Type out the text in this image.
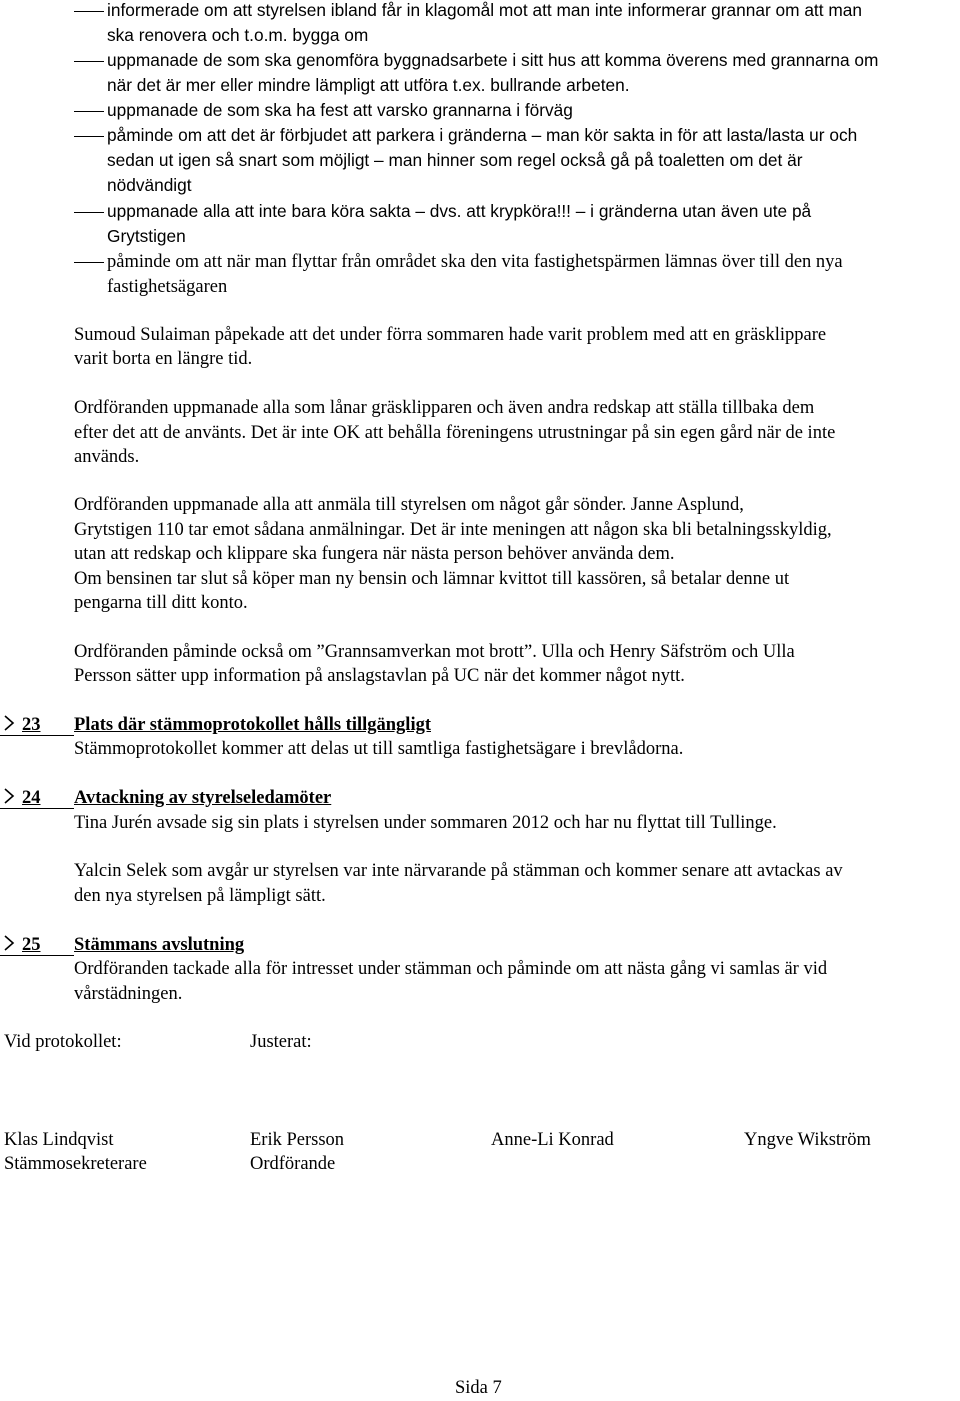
informerade om att styrelsen ibland får in klagomål mot att man inte informerar grannar om att man
ska renovera och t.o.m. bygga om
uppmanade de som ska genomföra byggnadsarbete i sitt hus att komma överens med grannarna om
när det är mer eller mindre lämpligt att utföra t.ex. bullrande arbeten.
uppmanade de som ska ha fest att varsko grannarna i förväg
påminde om att det är förbjudet att parkera i gränderna – man kör sakta in för att lasta/lasta ur och
sedan ut igen så snart som möjligt – man hinner som regel också gå på toaletten om det är
nödvändigt
uppmanade alla att inte bara köra sakta – dvs. att krypköra!!! – i gränderna utan även ute på
Grytstigen
påminde om att när man flyttar från området ska den vita fastighetspärmen lämnas över till den nya
fastighetsägaren
Sumoud Sulaiman påpekade att det under förra sommaren hade varit problem med att en gräsklippare
varit borta en längre tid.
Ordföranden uppmanade alla som lånar gräsklipparen och även andra redskap att ställa tillbaka dem
efter det att de använts. Det är inte OK att behålla föreningens utrustningar på sin egen gård när de inte
används.
Ordföranden uppmanade alla att anmäla till styrelsen om något går sönder. Janne Asplund,
Grytstigen 110 tar emot sådana anmälningar. Det är inte meningen att någon ska bli betalningsskyldig,
utan att redskap och klippare ska fungera när nästa person behöver använda dem.
Om bensinen tar slut så köper man ny bensin och lämnar kvittot till kassören, så betalar denne ut
pengarna till ditt konto.
Ordföranden påminde också om ”Grannsamverkan mot brott”. Ulla och Henry Säfström och Ulla
Persson sätter upp information på anslagstavlan på UC när det kommer något nytt.
23 Plats där stämmoprotokollet hålls tillgängligt
Stämmoprotokollet kommer att delas ut till samtliga fastighetsägare i brevlådorna.
24 Avtackning av styrelseledamöter
Tina Jurén avsade sig sin plats i styrelsen under sommaren 2012 och har nu flyttat till Tullinge.
Yalcin Selek som avgår ur styrelsen var inte närvarande på stämman och kommer senare att avtackas av
den nya styrelsen på lämpligt sätt.
25 Stämmans avslutning
Ordföranden tackade alla för intresset under stämman och påminde om att nästa gång vi samlas är vid
vårstädningen.
Vid protokollet:	Justerat:
Klas Lindqvist
Stämmosekreterare
Erik Persson
Ordförande
Anne-Li Konrad	Yngve Wikström
Sida 7
